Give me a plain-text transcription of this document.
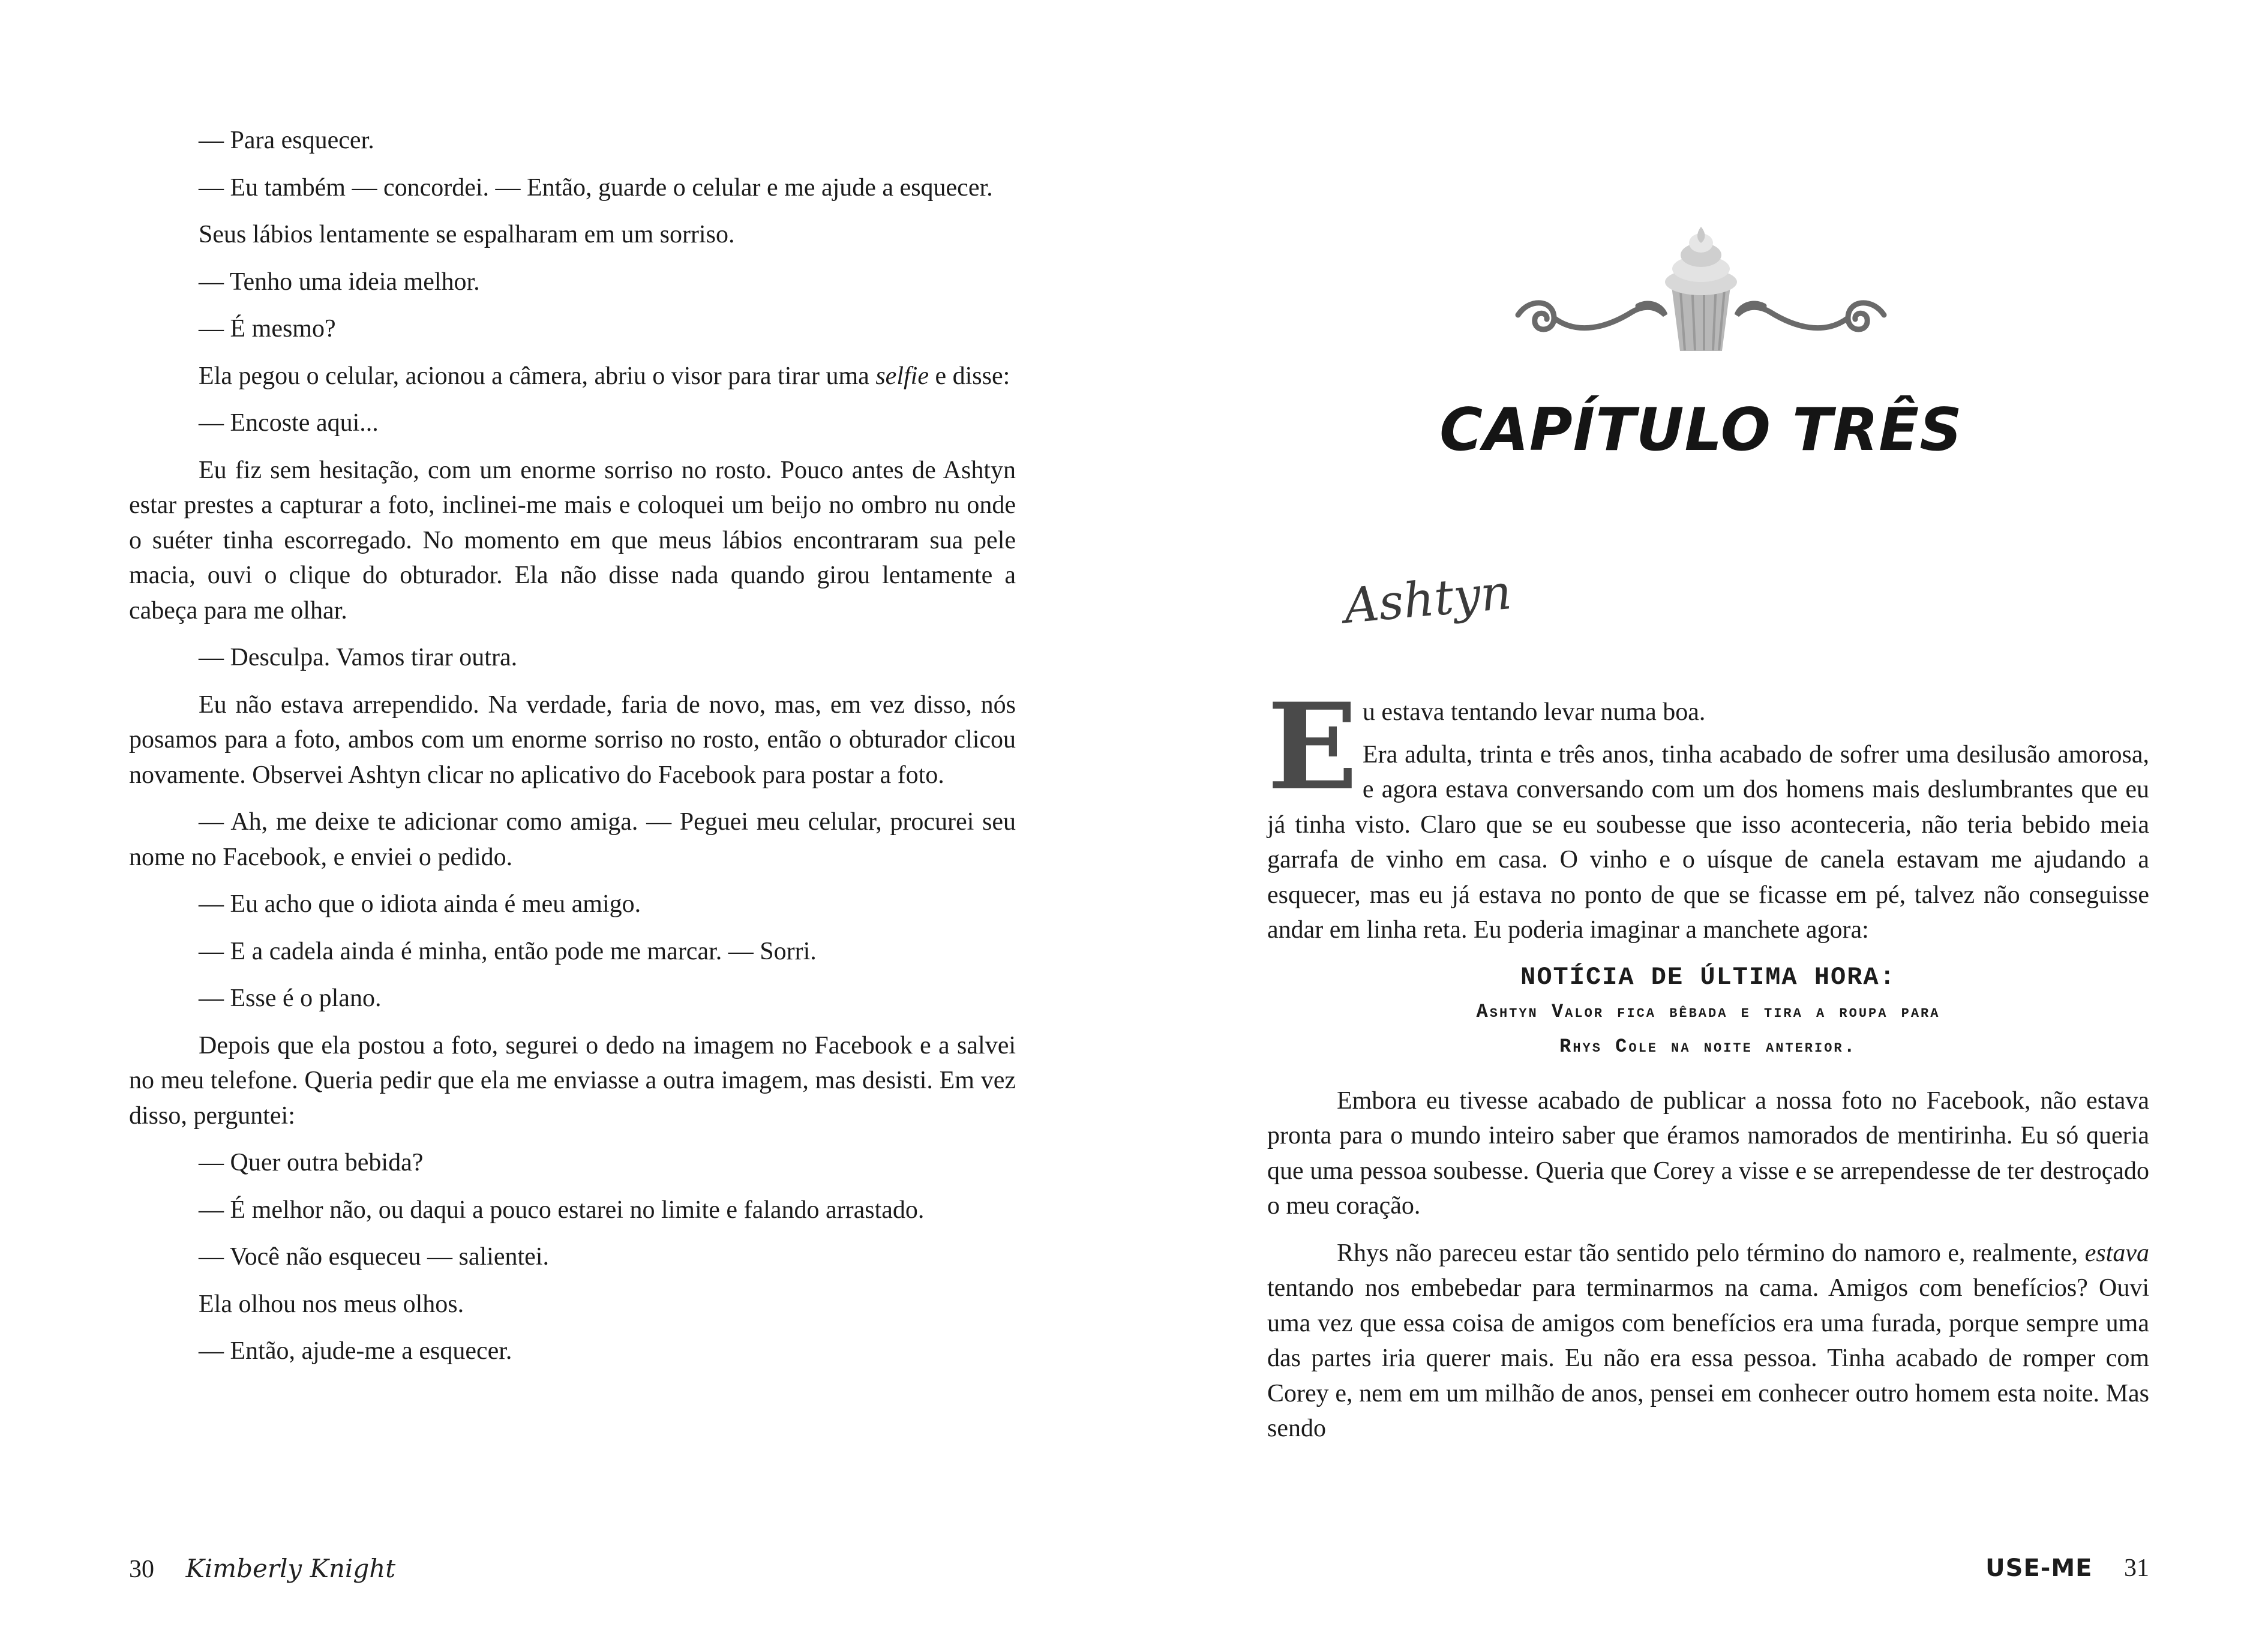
— Para esquecer.

— Eu também — concordei. — Então, guarde o celular e me ajude a esquecer.

Seus lábios lentamente se espalharam em um sorriso.

— Tenho uma ideia melhor.

— É mesmo?

Ela pegou o celular, acionou a câmera, abriu o visor para tirar uma selfie e disse:

— Encoste aqui...

Eu fiz sem hesitação, com um enorme sorriso no rosto. Pouco antes de Ashtyn estar prestes a capturar a foto, inclinei-me mais e coloquei um beijo no ombro nu onde o suéter tinha escorregado. No momento em que meus lábios encontraram sua pele macia, ouvi o clique do obturador. Ela não disse nada quando girou lentamente a cabeça para me olhar.

— Desculpa. Vamos tirar outra.

Eu não estava arrependido. Na verdade, faria de novo, mas, em vez disso, nós posamos para a foto, ambos com um enorme sorriso no rosto, então o obturador clicou novamente. Observei Ashtyn clicar no aplicativo do Facebook para postar a foto.

— Ah, me deixe te adicionar como amiga. — Peguei meu celular, procurei seu nome no Facebook, e enviei o pedido.

— Eu acho que o idiota ainda é meu amigo.

— E a cadela ainda é minha, então pode me marcar. — Sorri.

— Esse é o plano.

Depois que ela postou a foto, segurei o dedo na imagem no Facebook e a salvei no meu telefone. Queria pedir que ela me enviasse a outra imagem, mas desisti. Em vez disso, perguntei:

— Quer outra bebida?

— É melhor não, ou daqui a pouco estarei no limite e falando arrastado.

— Você não esqueceu — salientei.

Ela olhou nos meus olhos.

— Então, ajude-me a esquecer.

30 Kimberly Knight
CAPÍTULO TRÊS
Ashtyn

Eu estava tentando levar numa boa.

Era adulta, trinta e três anos, tinha acabado de sofrer uma desilusão amorosa, e agora estava conversando com um dos homens mais deslumbrantes que eu já tinha visto. Claro que se eu soubesse que isso aconteceria, não teria bebido meia garrafa de vinho em casa. O vinho e o uísque de canela estavam me ajudando a esquecer, mas eu já estava no ponto de que se ficasse em pé, talvez não conseguisse andar em linha reta. Eu poderia imaginar a manchete agora:

NOTÍCIA DE ÚLTIMA HORA:
Ashtyn Valor fica bêbada e tira a roupa para
Rhys Cole na noite anterior.

Embora eu tivesse acabado de publicar a nossa foto no Facebook, não estava pronta para o mundo inteiro saber que éramos namorados de mentirinha. Eu só queria que uma pessoa soubesse. Queria que Corey a visse e se arrependesse de ter destroçado o meu coração.

Rhys não pareceu estar tão sentido pelo término do namoro e, realmente, estava tentando nos embebedar para terminarmos na cama. Amigos com benefícios? Ouvi uma vez que essa coisa de amigos com benefícios era uma furada, porque sempre uma das partes iria querer mais. Eu não era essa pessoa. Tinha acabado de romper com Corey e, nem em um milhão de anos, pensei em conhecer outro homem esta noite. Mas sendo

USE-ME 31
